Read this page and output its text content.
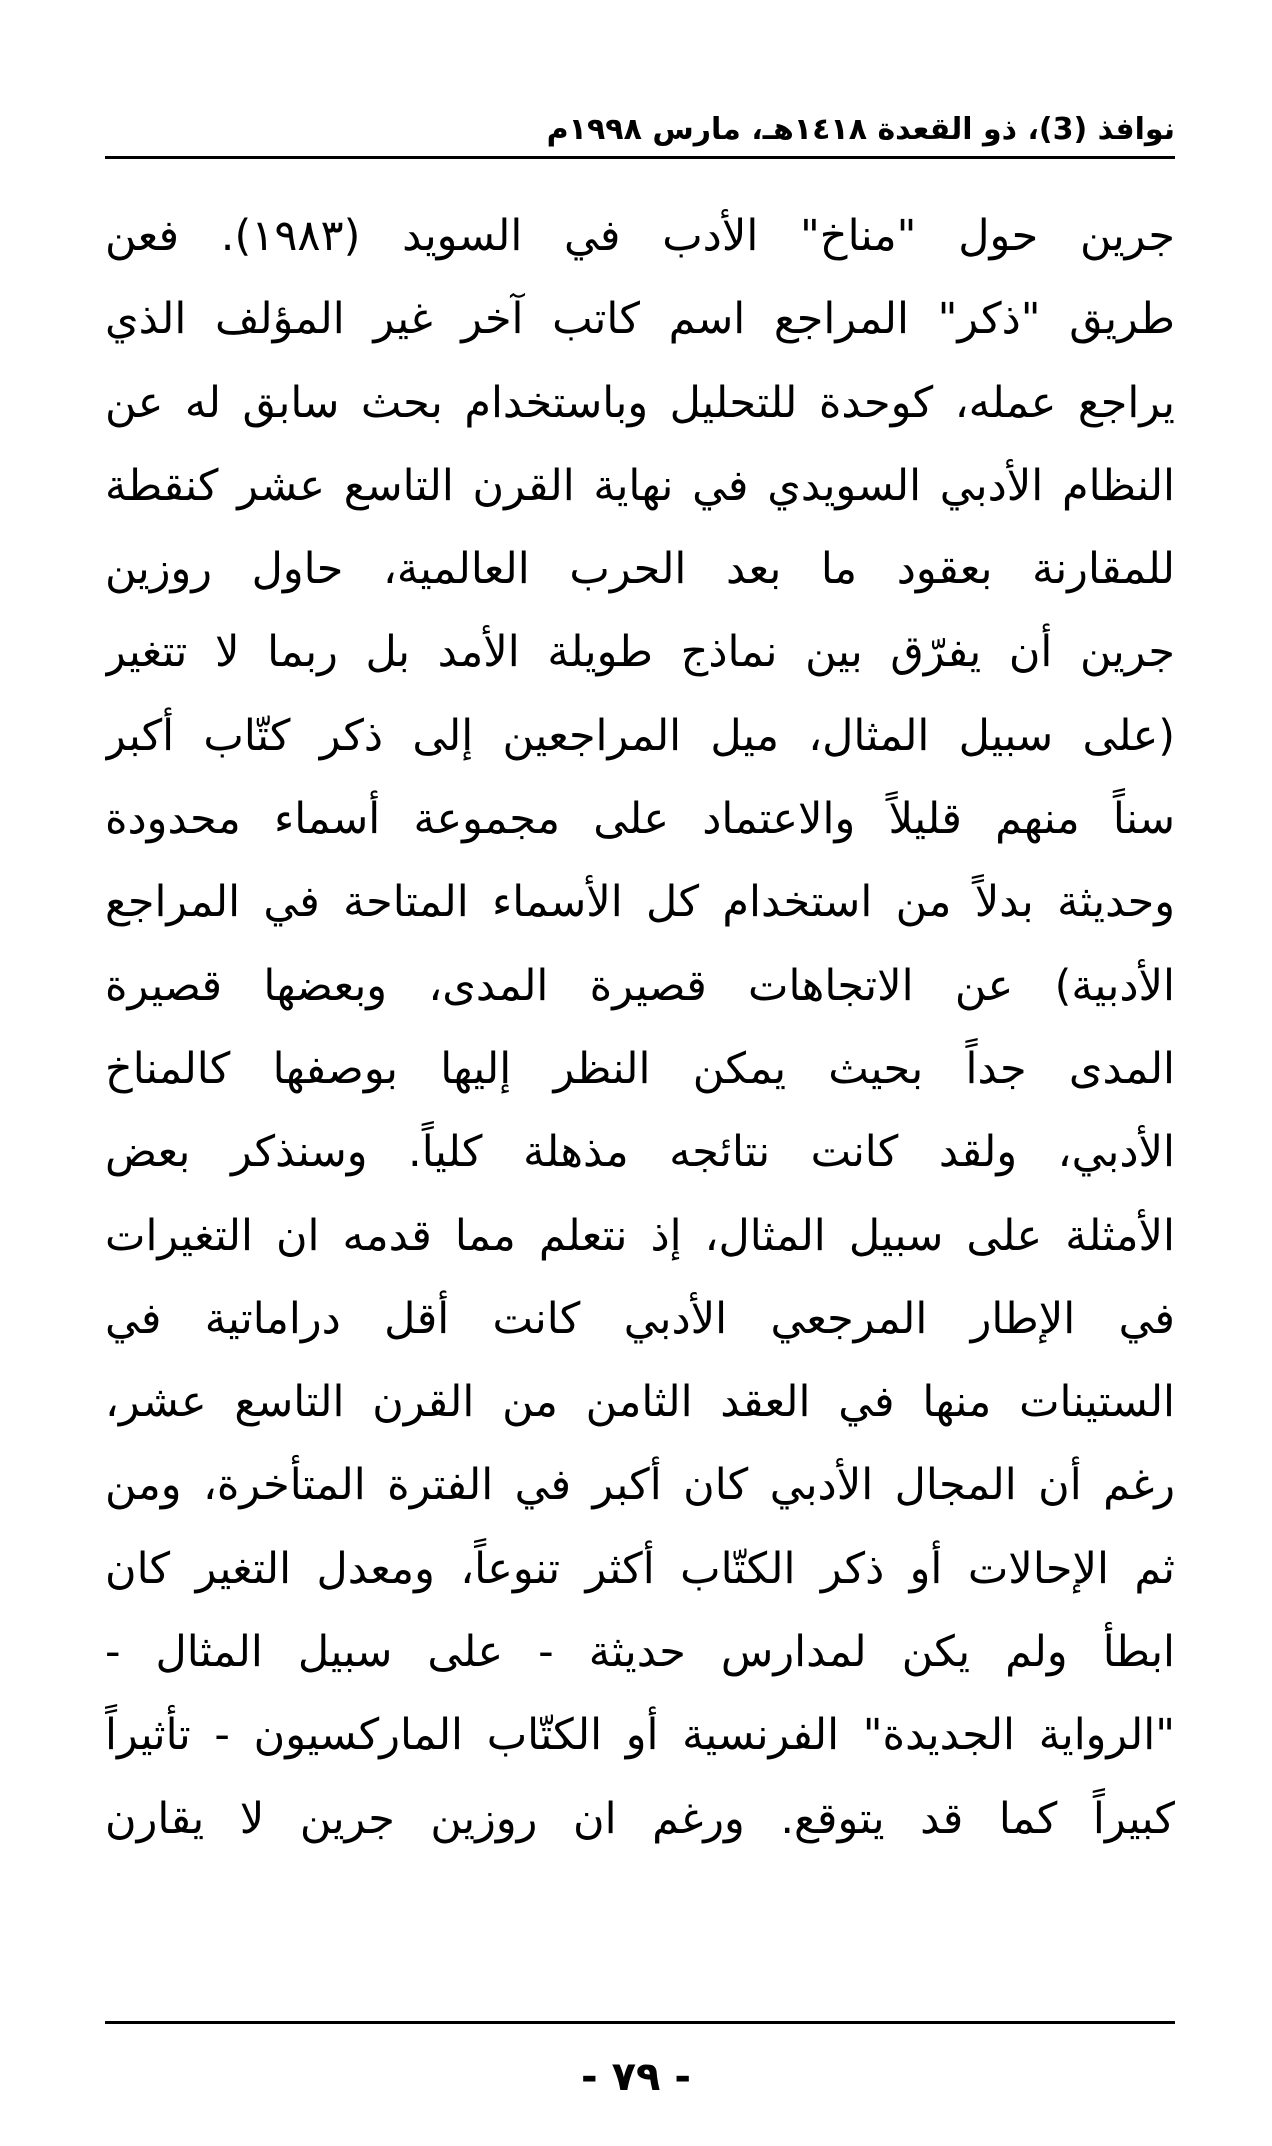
نوافذ (3)، ذو القعدة ١٤١٨هـ، مارس ١٩٩٨م
جرين حول "مناخ" الأدب في السويد (١٩٨٣). فعن
طريق "ذكر" المراجع اسم كاتب آخر غير المؤلف الذي
يراجع عمله، كوحدة للتحليل وباستخدام بحث سابق له عن
النظام الأدبي السويدي في نهاية القرن التاسع عشر كنقطة
للمقارنة بعقود ما بعد الحرب العالمية، حاول روزين
جرين أن يفرّق بين نماذج طويلة الأمد بل ربما لا تتغير
(على سبيل المثال، ميل المراجعين إلى ذكر كتّاب أكبر
سناً منهم قليلاً والاعتماد على مجموعة أسماء محدودة
وحديثة بدلاً من استخدام كل الأسماء المتاحة في المراجع
الأدبية) عن الاتجاهات قصيرة المدى، وبعضها قصيرة
المدى جداً بحيث يمكن النظر إليها بوصفها كالمناخ
الأدبي، ولقد كانت نتائجه مذهلة كلياً. وسنذكر بعض
الأمثلة على سبيل المثال، إذ نتعلم مما قدمه ان التغيرات
في الإطار المرجعي الأدبي كانت أقل دراماتية في
الستينات منها في العقد الثامن من القرن التاسع عشر،
رغم أن المجال الأدبي كان أكبر في الفترة المتأخرة، ومن
ثم الإحالات أو ذكر الكتّاب أكثر تنوعاً، ومعدل التغير كان
ابطأ ولم يكن لمدارس حديثة - على سبيل المثال -
"الرواية الجديدة" الفرنسية أو الكتّاب الماركسيون - تأثيراً
كبيراً كما قد يتوقع. ورغم ان روزين جرين لا يقارن
- ٧٩ -
